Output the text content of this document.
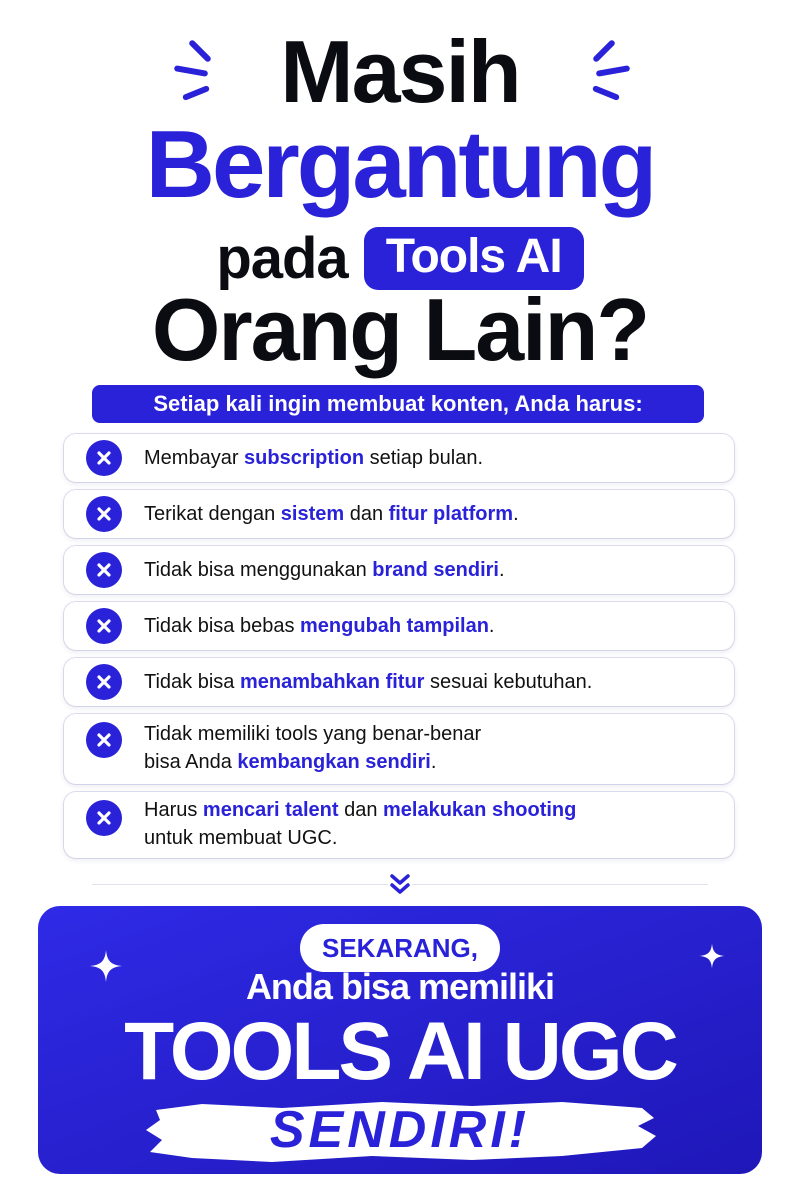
Masih
Bergantung
pada Tools AI
Orang Lain?
Setiap kali ingin membuat konten, Anda harus:
Membayar subscription setiap bulan.
Terikat dengan sistem dan fitur platform.
Tidak bisa menggunakan brand sendiri.
Tidak bisa bebas mengubah tampilan.
Tidak bisa menambahkan fitur sesuai kebutuhan.
Tidak memiliki tools yang benar-benar
bisa Anda kembangkan sendiri.
Harus mencari talent dan melakukan shooting
untuk membuat UGC.
SEKARANG,
Anda bisa memiliki
TOOLS AI UGC
SENDIRI!
